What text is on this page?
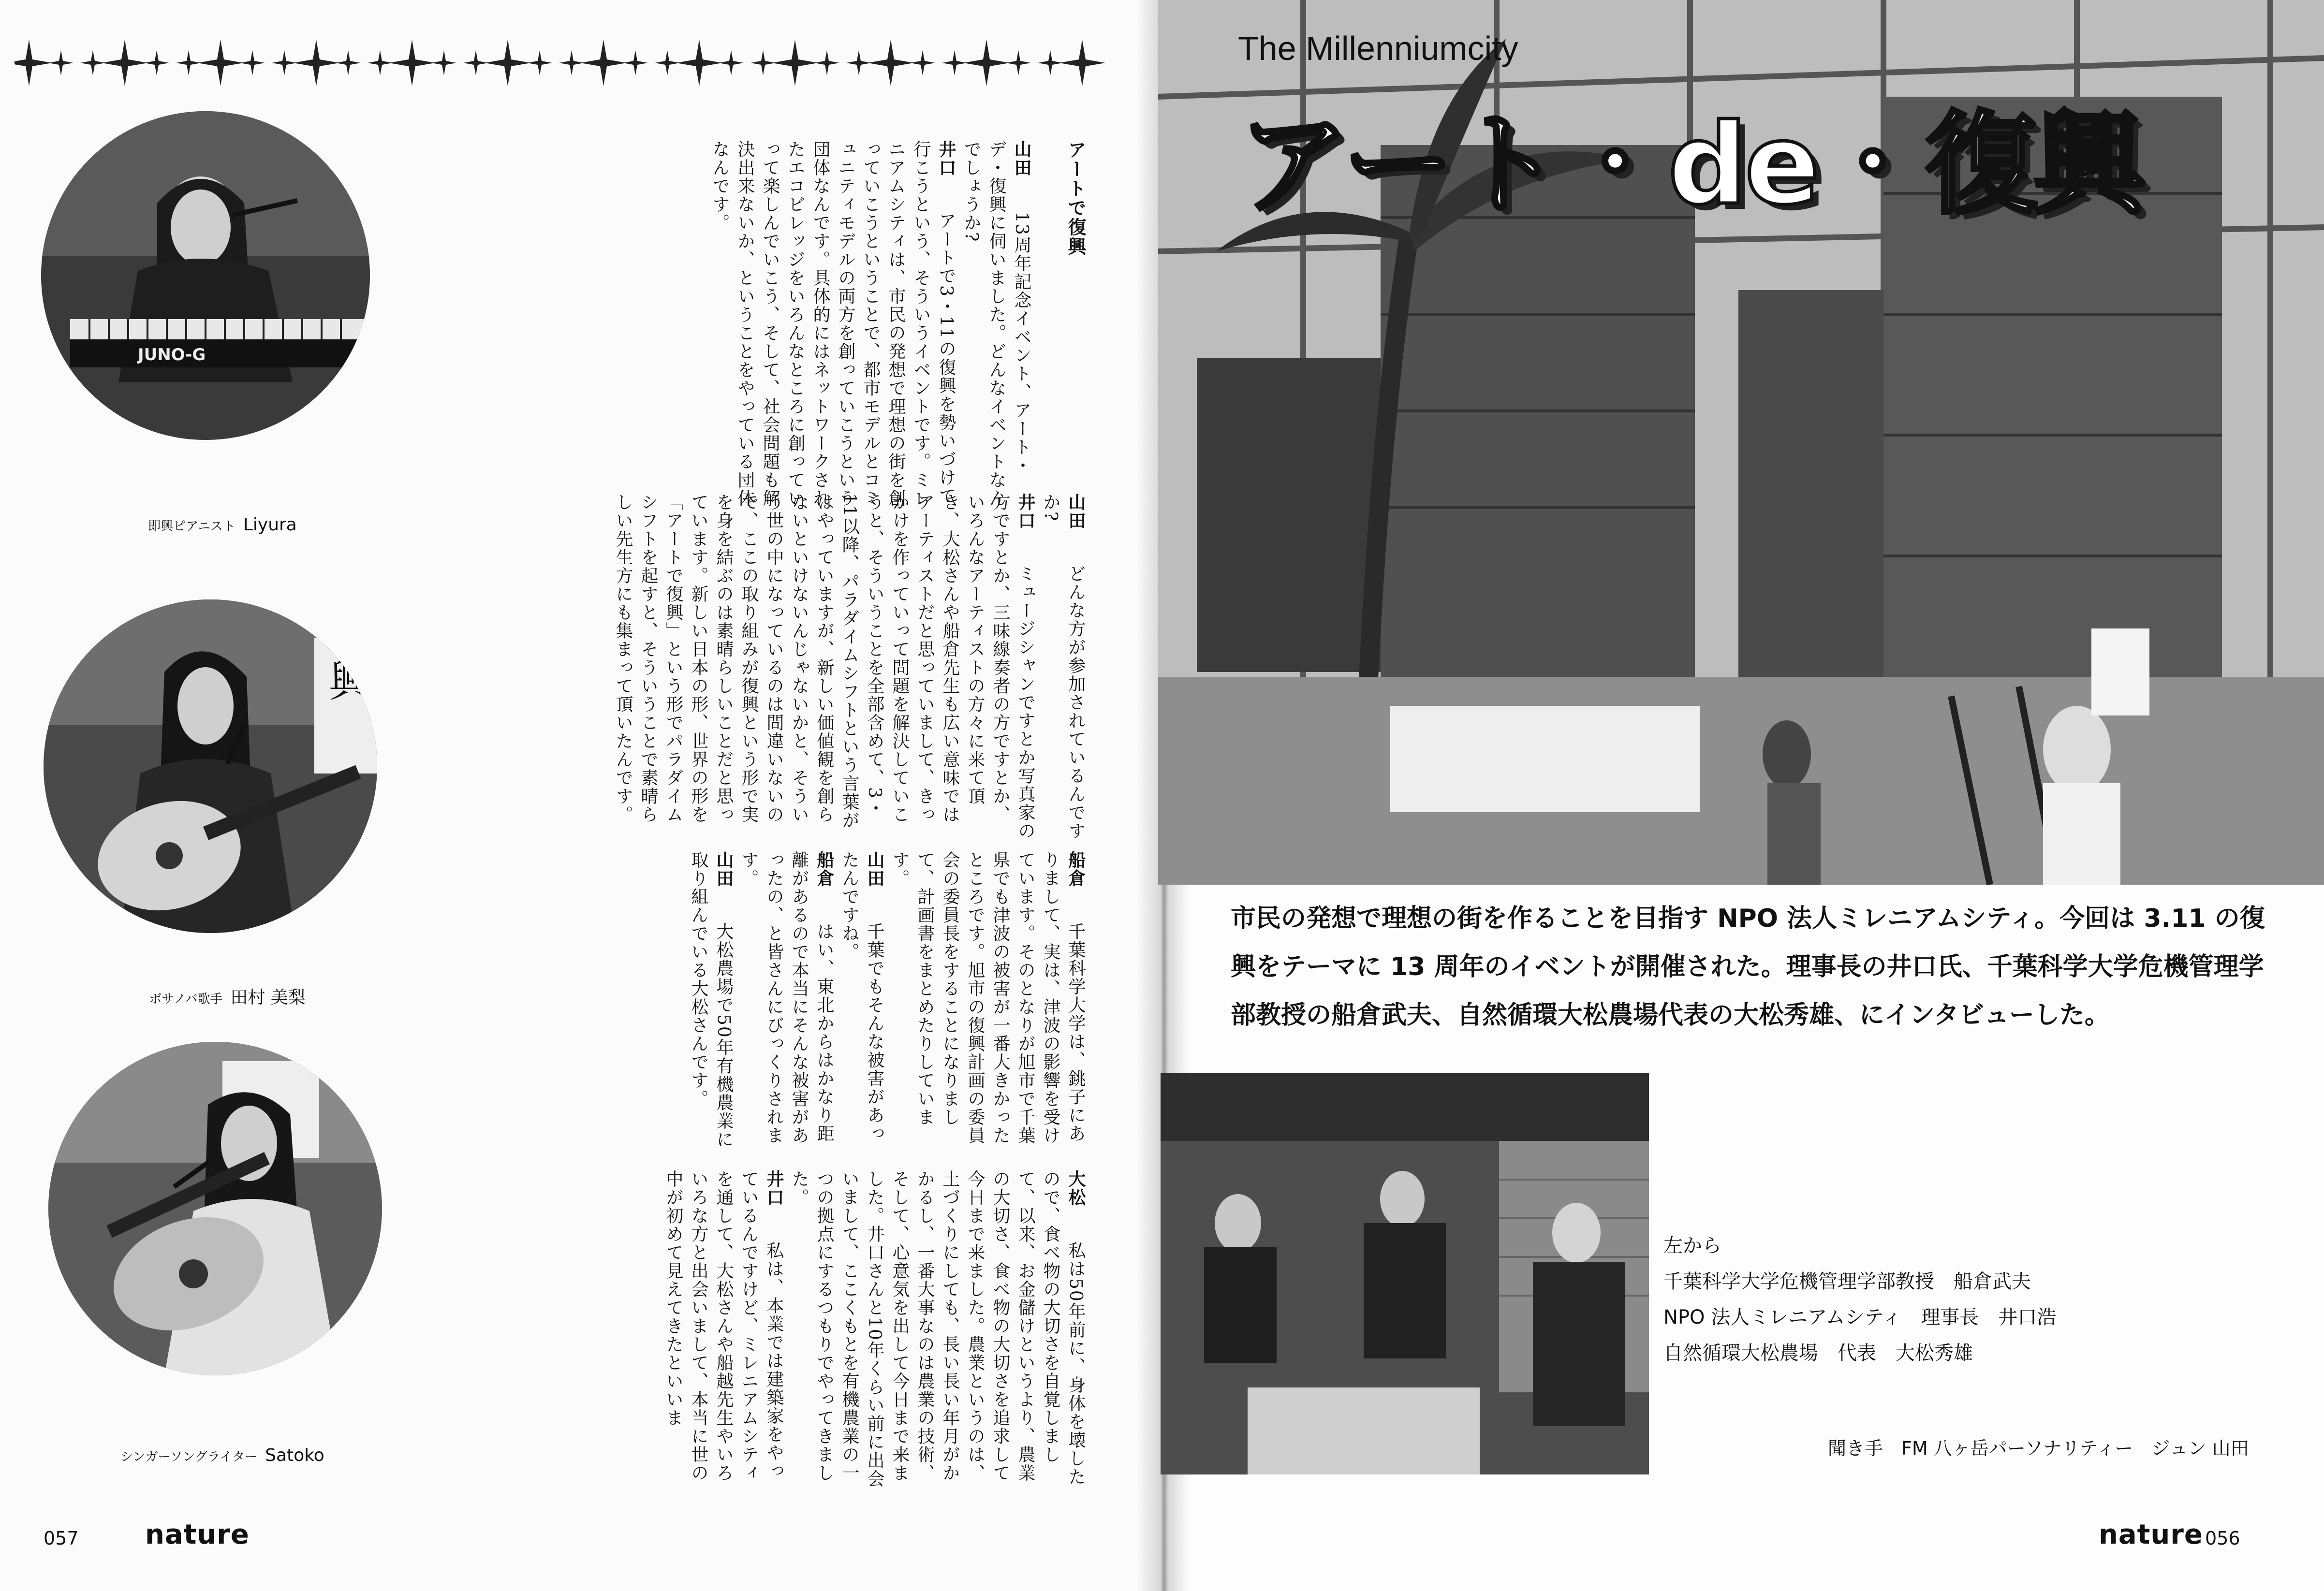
JUNO-G
即興ピアニスト Liyura
興
ボサノバ歌手 田村 美梨
シンガーソングライター Satoko

アートで復興

山田　13周年記念イベント、アート・デ・復興に伺いました。どんなイベントなんでしょうか?

井口　アートで3・11の復興を勢いづけて行こうという、そういうイベントです。ミレニアムシティは、市民の発想で理想の街を創っていこうということで、都市モデルとコミュニティモデルの両方を創っていこうという団体なんです。具体的にはネットワークされたエコビレッジをいろんなところに創っていって楽しんでいこう、そして、社会問題も解決出来ないか、ということをやっている団体なんです。

山田　どんな方が参加されているんですか?

井口　ミュージシャンですとか写真家の方ですとか、三味線奏者の方ですとか、いろんなアーティストの方々に来て頂き、大松さんや船倉先生も広い意味ではアーティストだと思っていまして、きっかけを作っていって問題を解決していこうと、そういうことを全部含めて、3・11以降、パラダイムシフトという言葉がはやっていますが、新しい価値観を創らないといけないんじゃないかと、そういう世の中になっているのは間違いないので、ここの取り組みが復興という形で実を身を結ぶのは素晴らしいことだと思っています。新しい日本の形、世界の形を「アートで復興」という形でパラダイムシフトを起すと、そういうことで素晴らしい先生方にも集まって頂いたんです。

船倉　千葉科学大学は、銚子にありまして、実は、津波の影響を受けています。そのとなりが旭市で千葉県でも津波の被害が一番大きかったところです。旭市の復興計画の委員会の委員長をすることになりまして、計画書をまとめたりしています。

山田　千葉でもそんな被害があったんですね。

船倉　はい、東北からはかなり距離があるので本当にそんな被害があったの、と皆さんにびっくりされます。

山田　大松農場で50年有機農業に取り組んでいる大松さんです。

大松　私は50年前に、身体を壊したので、食べ物の大切さを自覚しまして、以来、お金儲けというより、農業の大切さ、食べ物の大切さを追求して今日まで来ました。農業というのは、土づくりにしても、長い長い年月がかかるし、一番大事なのは農業の技術、そして、心意気を出して今日まで来ました。井口さんと10年くらい前に出会いまして、ここくもとを有機農業の一つの拠点にするつもりでやってきました。

井口　私は、本業では建築家をやっているんですけど、ミレニアムシティを通して、大松さんや船越先生やいろいろな方と出会いまして、本当に世の中が初めて見えてきたといいま

057 nature
The Millenniumcity
アート・de・復興
市民の発想で理想の街を作ることを目指す NPO 法人ミレニアムシティ。今回は 3.11 の復興をテーマに 13 周年のイベントが開催された。理事長の井口氏、千葉科学大学危機管理学部教授の船倉武夫、自然循環大松農場代表の大松秀雄、にインタビューした。
左から
千葉科学大学危機管理学部教授　船倉武夫
NPO 法人ミレニアムシティ　理事長　井口浩
自然循環大松農場　代表　大松秀雄
聞き手　FM 八ヶ岳パーソナリティー　ジュン 山田
nature 056
